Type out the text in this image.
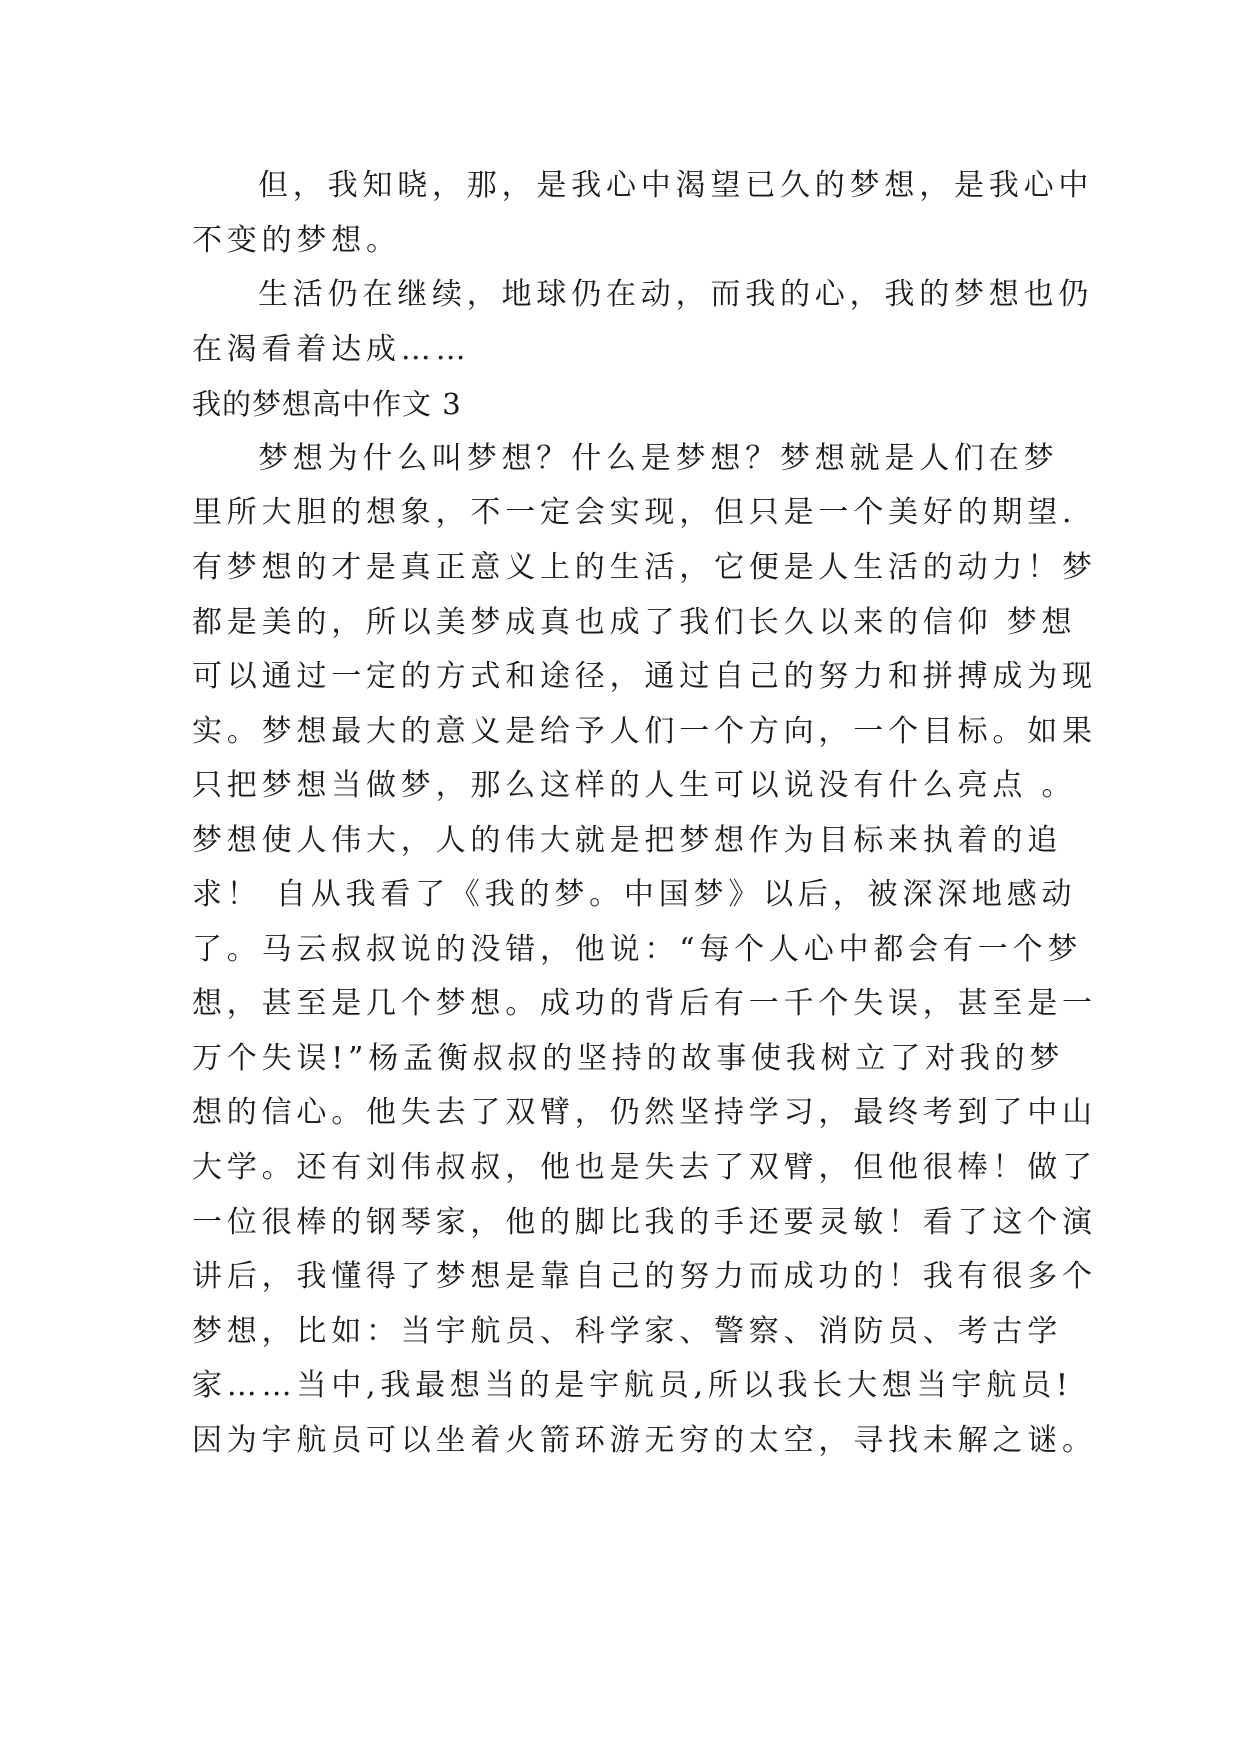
但，我知晓，那，是我心中渴望已久的梦想，是我心中
不变的梦想。
生活仍在继续，地球仍在动，而我的心，我的梦想也仍
在渴看着达成……
我的梦想高中作文 3
梦想为什么叫梦想？什么是梦想？梦想就是人们在梦
里所大胆的想象，不一定会实现，但只是一个美好的期望.
有梦想的才是真正意义上的生活，它便是人生活的动力！梦
都是美的，所以美梦成真也成了我们长久以来的信仰 梦想
可以通过一定的方式和途径，通过自己的努力和拼搏成为现
实。梦想最大的意义是给予人们一个方向，一个目标。如果
只把梦想当做梦，那么这样的人生可以说没有什么亮点 。
梦想使人伟大，人的伟大就是把梦想作为目标来执着的追
求！ 自从我看了《我的梦。中国梦》以后，被深深地感动
了。马云叔叔说的没错，他说：“每个人心中都会有一个梦
想，甚至是几个梦想。成功的背后有一千个失误，甚至是一
万个失误!”杨孟衡叔叔的坚持的故事使我树立了对我的梦
想的信心。他失去了双臂，仍然坚持学习，最终考到了中山
大学。还有刘伟叔叔，他也是失去了双臂，但他很棒！做了
一位很棒的钢琴家，他的脚比我的手还要灵敏！看了这个演
讲后，我懂得了梦想是靠自己的努力而成功的！我有很多个
梦想，比如：当宇航员、科学家、警察、消防员、考古学
家……当中,我最想当的是宇航员,所以我长大想当宇航员!
因为宇航员可以坐着火箭环游无穷的太空，寻找未解之谜。
